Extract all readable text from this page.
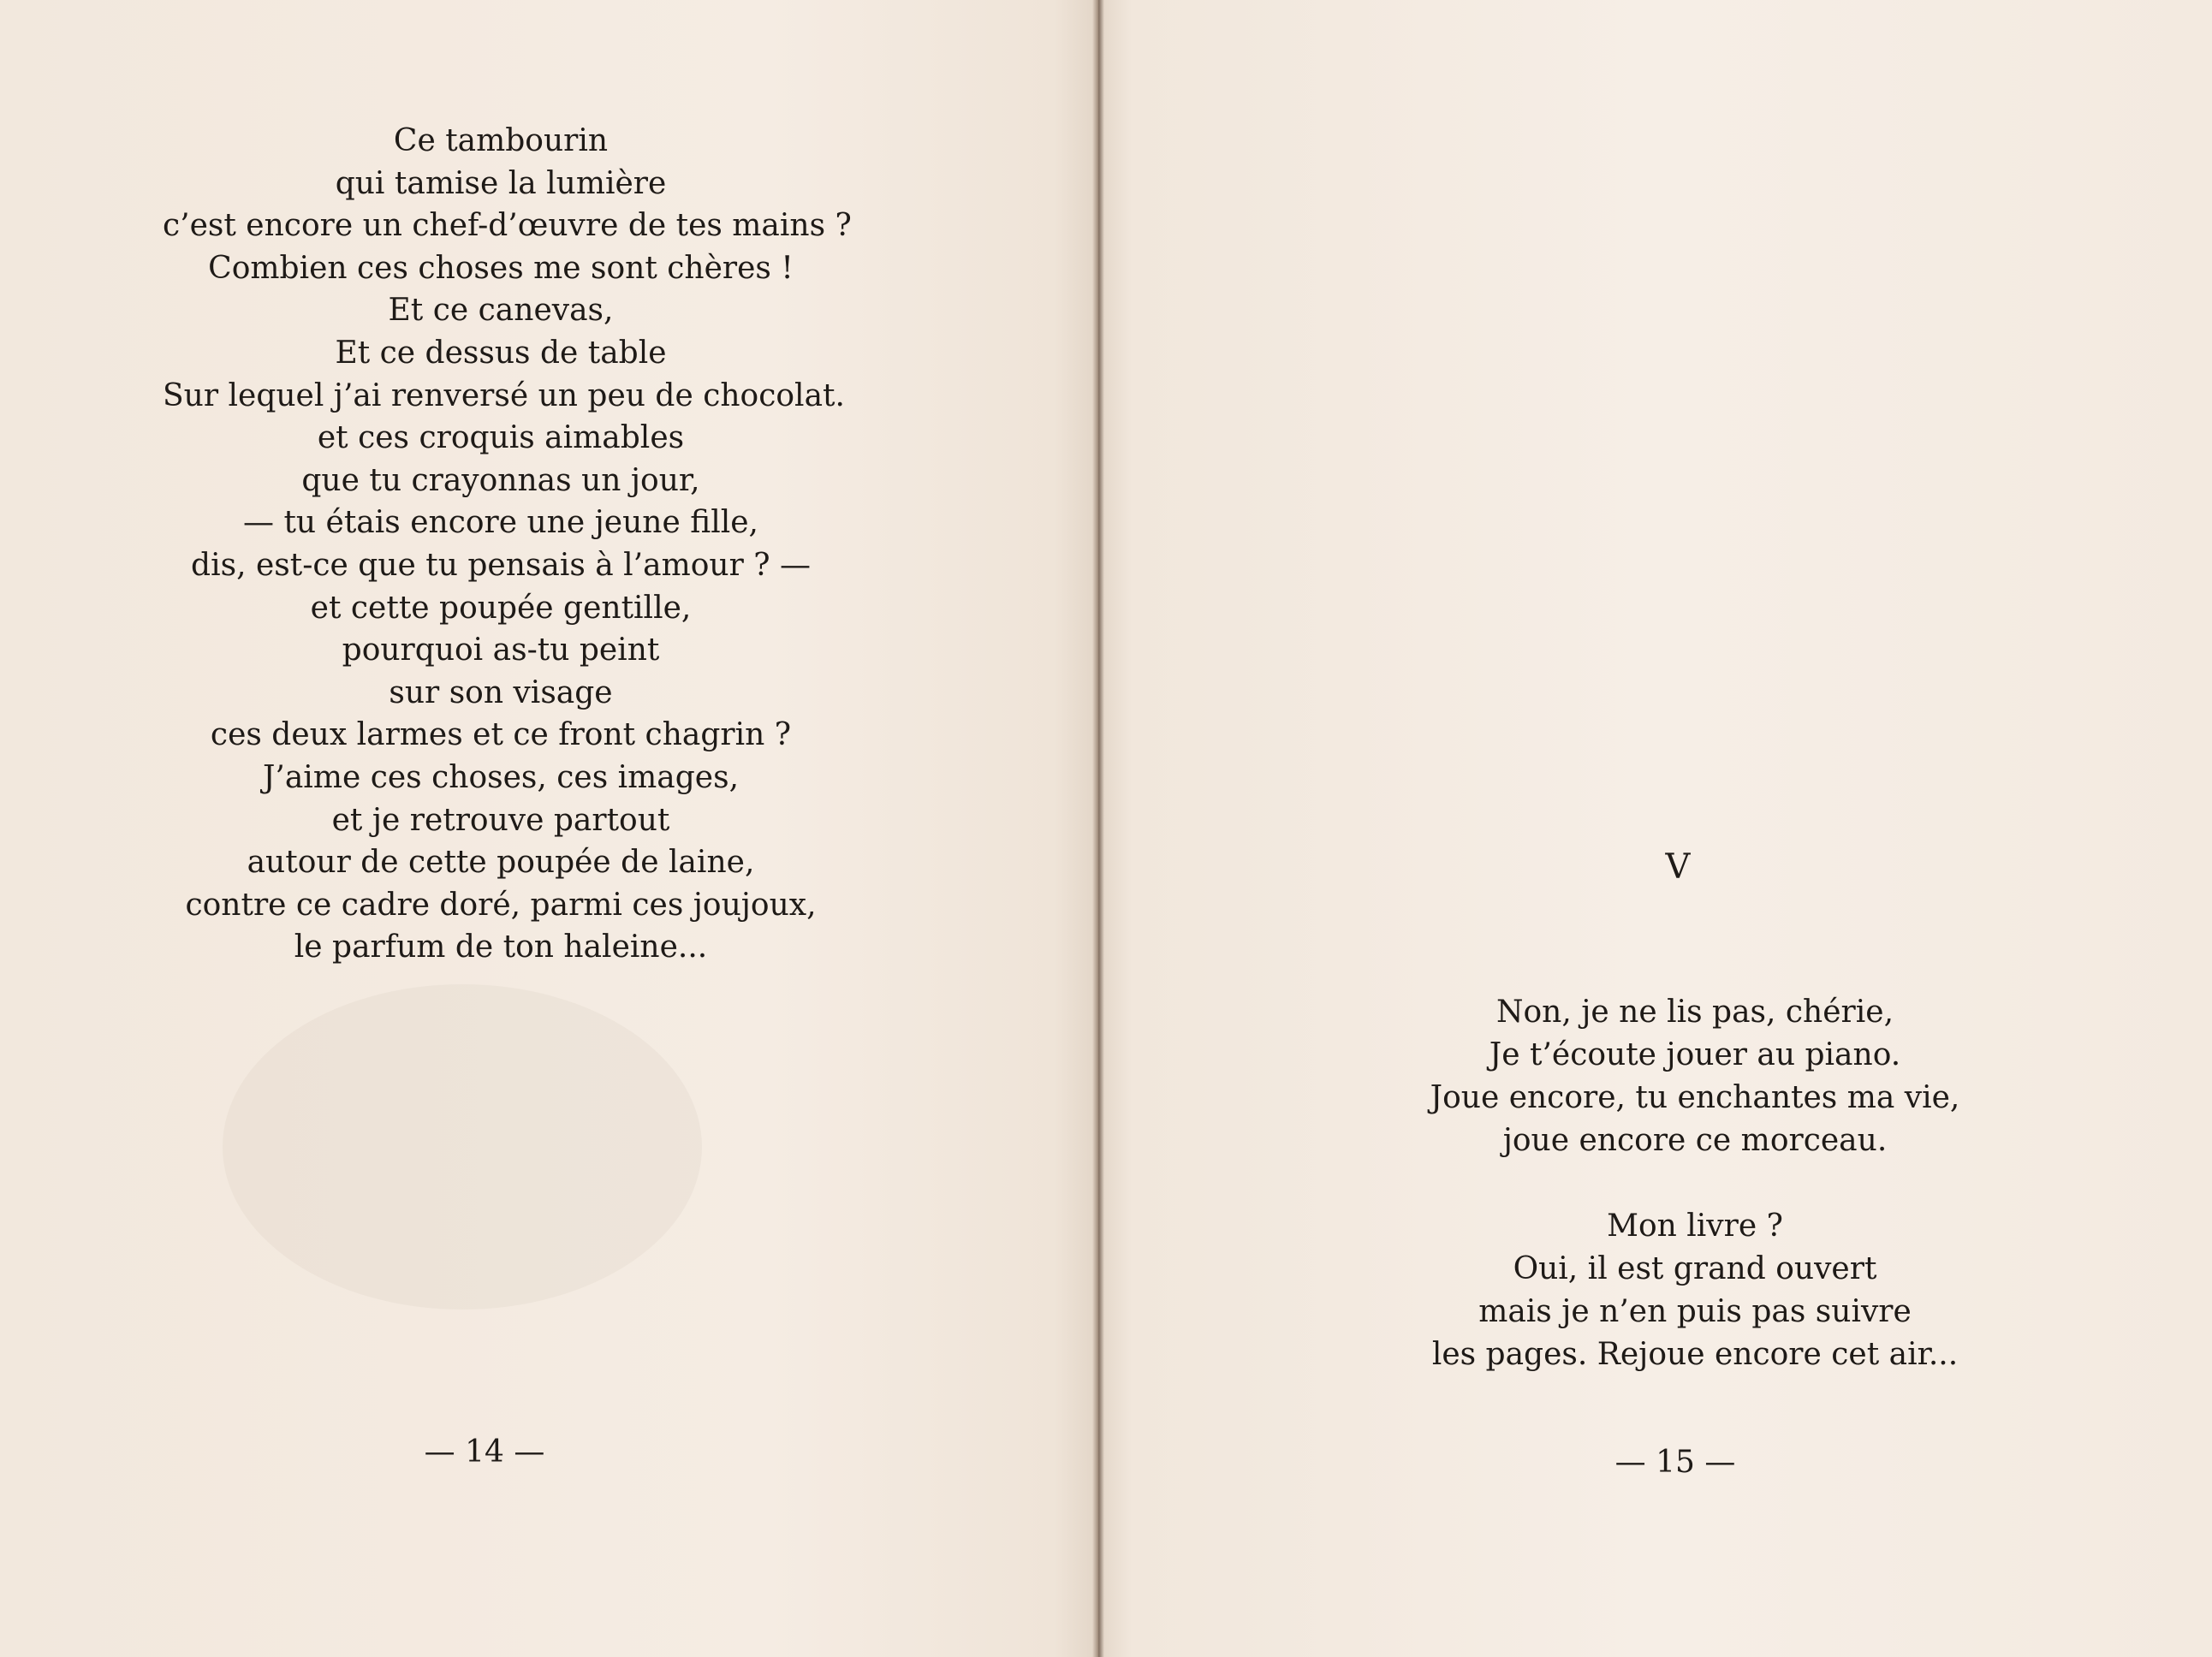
Ce tambourin
qui tamise la lumière
c’est encore un chef-d’œuvre de tes mains ?
Combien ces choses me sont chères !
Et ce canevas,
Et ce dessus de table
Sur lequel j’ai renversé un peu de chocolat.
et ces croquis aimables
que tu crayonnas un jour,
— tu étais encore une jeune fille,
dis, est-ce que tu pensais à l’amour ? —
et cette poupée gentille,
pourquoi as-tu peint
sur son visage
ces deux larmes et ce front chagrin ?
J’aime ces choses, ces images,
et je retrouve partout
autour de cette poupée de laine,
contre ce cadre doré, parmi ces joujoux,
le parfum de ton haleine...
— 14 —
V
Non, je ne lis pas, chérie,
Je t’écoute jouer au piano.
Joue encore, tu enchantes ma vie,
joue encore ce morceau.
Mon livre ?
Oui, il est grand ouvert
mais je n’en puis pas suivre
les pages. Rejoue encore cet air...
— 15 —
